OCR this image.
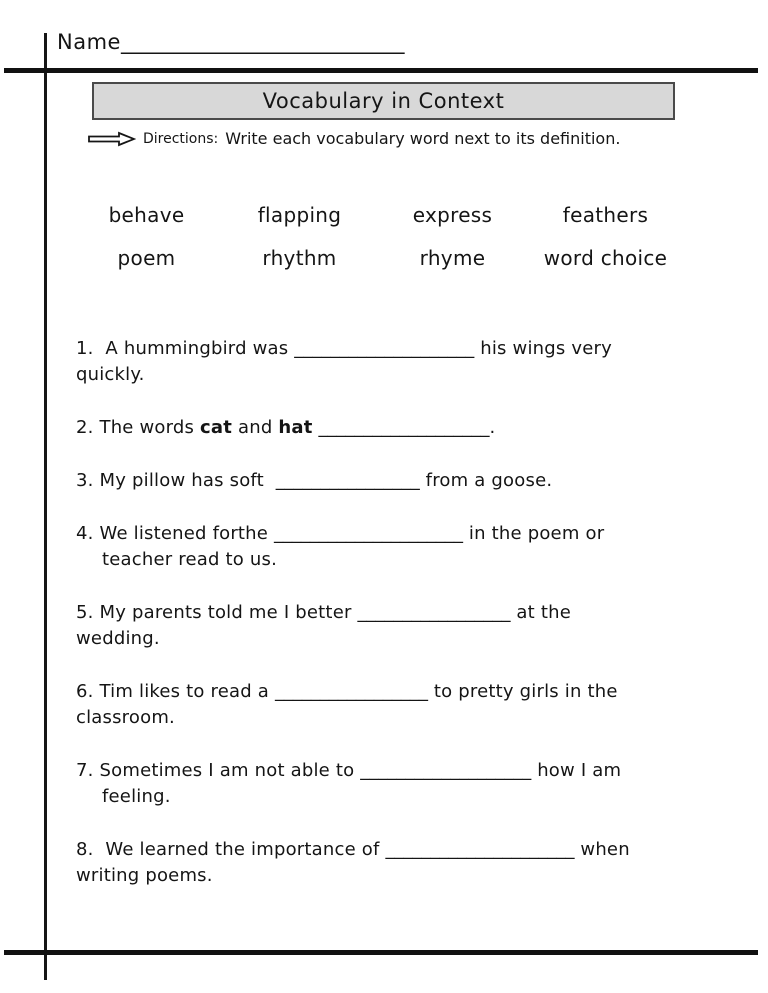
Name___________________________
Vocabulary in Context
Directions: Write each vocabulary word next to its definition.
behave	flapping	express	feathers
poem	rhythm	rhyme	word choice
1.  A hummingbird was ____________________ his wings very
quickly.
2. The words cat and hat ___________________.
3. My pillow has soft  ________________ from a goose.
4. We listened forthe _____________________ in the poem or
teacher read to us.
5. My parents told me I better _________________ at the
wedding.
6. Tim likes to read a _________________ to pretty girls in the
classroom.
7. Sometimes I am not able to ___________________ how I am
feeling.
8.  We learned the importance of _____________________ when
writing poems.
